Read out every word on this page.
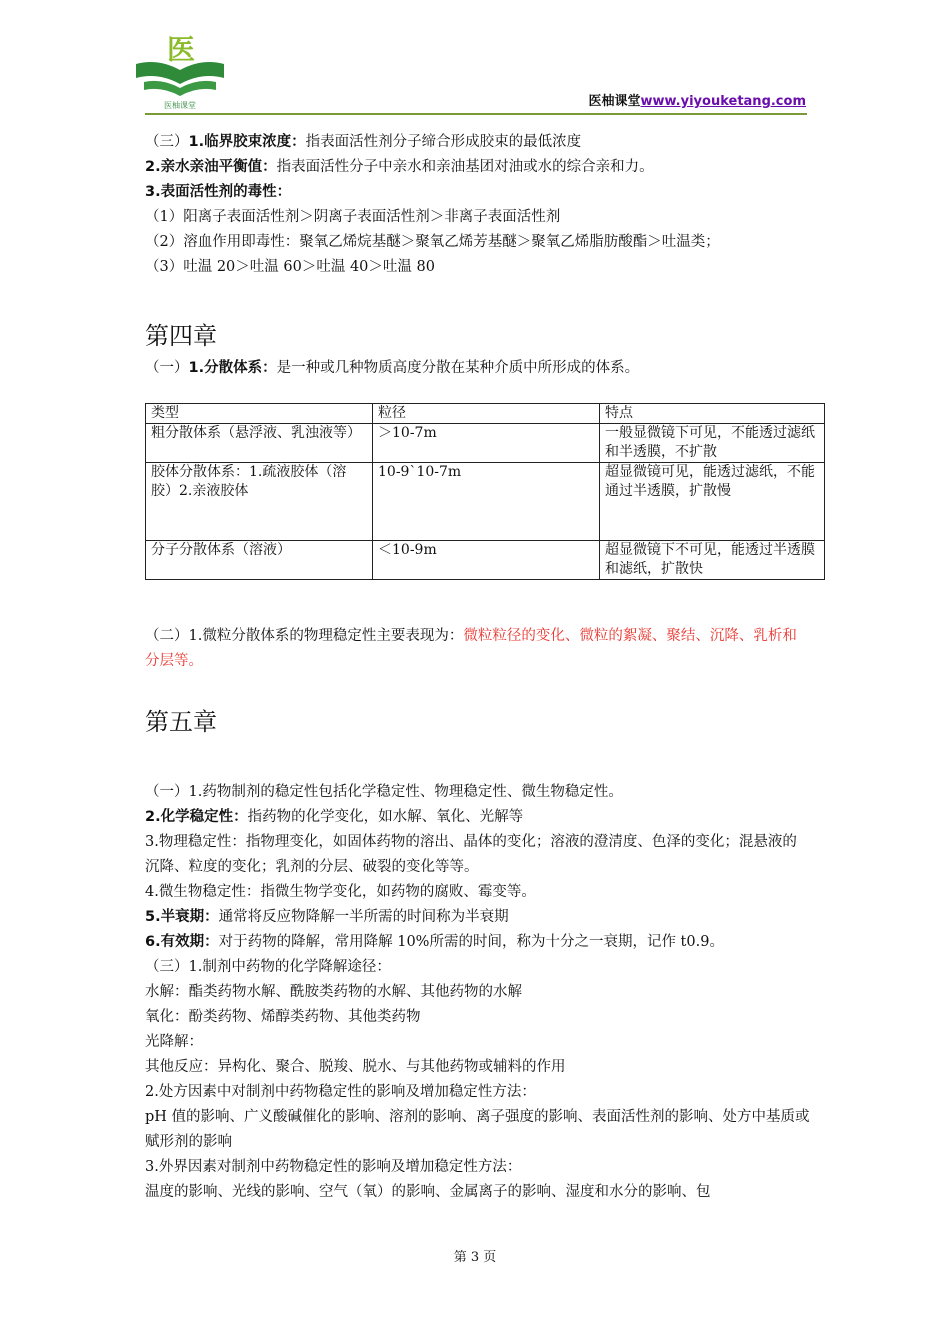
医
医柚课堂	医柚课堂www.yiyouketang.com
（三）1.临界胶束浓度：指表面活性剂分子缔合形成胶束的最低浓度
2.亲水亲油平衡值：指表面活性分子中亲水和亲油基团对油或水的综合亲和力。
3.表面活性剂的毒性：
（1）阳离子表面活性剂＞阴离子表面活性剂＞非离子表面活性剂
（2）溶血作用即毒性：聚氧乙烯烷基醚＞聚氧乙烯芳基醚＞聚氧乙烯脂肪酸酯＞吐温类；
（3）吐温 20＞吐温 60＞吐温 40＞吐温 80
第四章
（一）1.分散体系：是一种或几种物质高度分散在某种介质中所形成的体系。
类型	粒径	特点
粗分散体系（悬浮液、乳浊液等）	＞10-7m	一般显微镜下可见，不能透过滤纸和半透膜，不扩散
胶体分散体系：1.疏液胶体（溶胶）2.亲液胶体	10-9`10-7m	超显微镜可见，能透过滤纸，不能通过半透膜，扩散慢
分子分散体系（溶液）	＜10-9m	超显微镜下不可见，能透过半透膜和滤纸，扩散快
（二）1.微粒分散体系的物理稳定性主要表现为：微粒粒径的变化、微粒的絮凝、聚结、沉降、乳析和分层等。
第五章
（一）1.药物制剂的稳定性包括化学稳定性、物理稳定性、微生物稳定性。
2.化学稳定性：指药物的化学变化，如水解、氧化、光解等
3.物理稳定性：指物理变化，如固体药物的溶出、晶体的变化；溶液的澄清度、色泽的变化；混悬液的沉降、粒度的变化；乳剂的分层、破裂的变化等等。
4.微生物稳定性：指微生物学变化，如药物的腐败、霉变等。
5.半衰期：通常将反应物降解一半所需的时间称为半衰期
6.有效期：对于药物的降解，常用降解 10%所需的时间，称为十分之一衰期，记作 t0.9。
（三）1.制剂中药物的化学降解途径：
水解：酯类药物水解、酰胺类药物的水解、其他药物的水解
氧化：酚类药物、烯醇类药物、其他类药物
光降解：
其他反应：异构化、聚合、脱羧、脱水、与其他药物或辅料的作用
2.处方因素中对制剂中药物稳定性的影响及增加稳定性方法：
pH 值的影响、广义酸碱催化的影响、溶剂的影响、离子强度的影响、表面活性剂的影响、处方中基质或赋形剂的影响
3.外界因素对制剂中药物稳定性的影响及增加稳定性方法：
温度的影响、光线的影响、空气（氧）的影响、金属离子的影响、湿度和水分的影响、包
第 3 页
